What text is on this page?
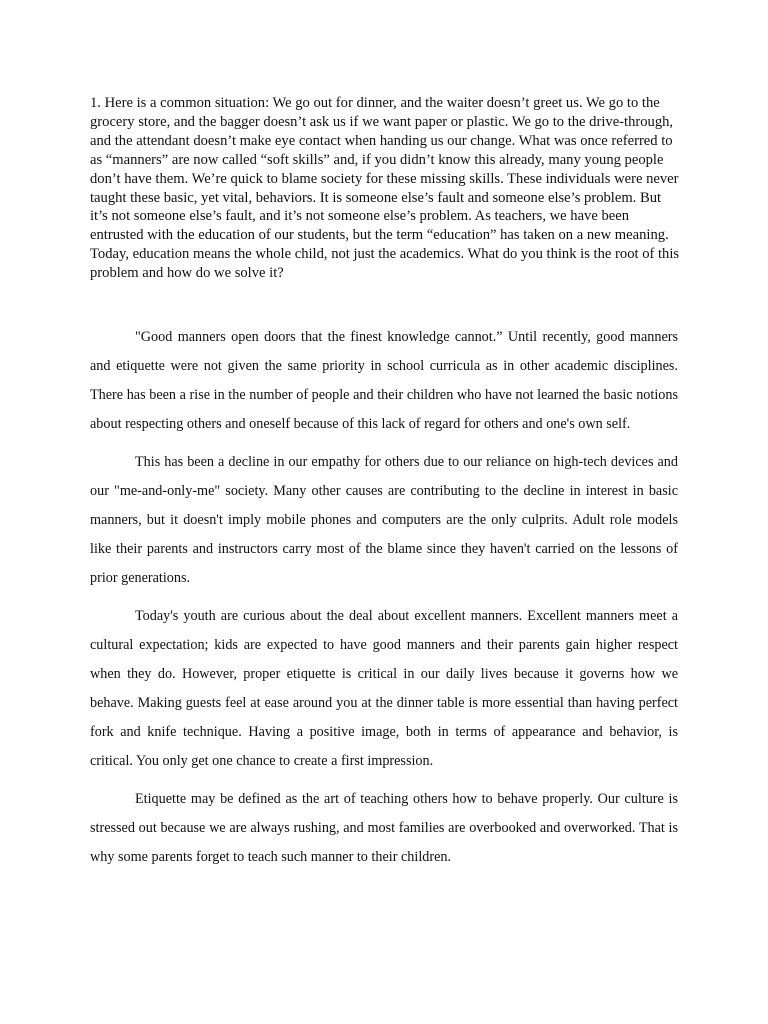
1. Here is a common situation: We go out for dinner, and the waiter doesn’t greet us. We go to the grocery store, and the bagger doesn’t ask us if we want paper or plastic. We go to the drive-through, and the attendant doesn’t make eye contact when handing us our change. What was once referred to as “manners” are now called “soft skills” and, if you didn’t know this already, many young people don’t have them. We’re quick to blame society for these missing skills. These individuals were never taught these basic, yet vital, behaviors. It is someone else’s fault and someone else’s problem. But it’s not someone else’s fault, and it’s not someone else’s problem. As teachers, we have been entrusted with the education of our students, but the term “education” has taken on a new meaning. Today, education means the whole child, not just the academics. What do you think is the root of this problem and how do we solve it?

"Good manners open doors that the finest knowledge cannot.” Until recently, good manners and etiquette were not given the same priority in school curricula as in other academic disciplines. There has been a rise in the number of people and their children who have not learned the basic notions about respecting others and oneself because of this lack of regard for others and one's own self.

This has been a decline in our empathy for others due to our reliance on high-tech devices and our "me-and-only-me" society. Many other causes are contributing to the decline in interest in basic manners, but it doesn't imply mobile phones and computers are the only culprits. Adult role models like their parents and instructors carry most of the blame since they haven't carried on the lessons of prior generations.

Today's youth are curious about the deal about excellent manners. Excellent manners meet a cultural expectation; kids are expected to have good manners and their parents gain higher respect when they do. However, proper etiquette is critical in our daily lives because it governs how we behave. Making guests feel at ease around you at the dinner table is more essential than having perfect fork and knife technique. Having a positive image, both in terms of appearance and behavior, is critical. You only get one chance to create a first impression.

Etiquette may be defined as the art of teaching others how to behave properly. Our culture is stressed out because we are always rushing, and most families are overbooked and overworked. That is why some parents forget to teach such manner to their children.
